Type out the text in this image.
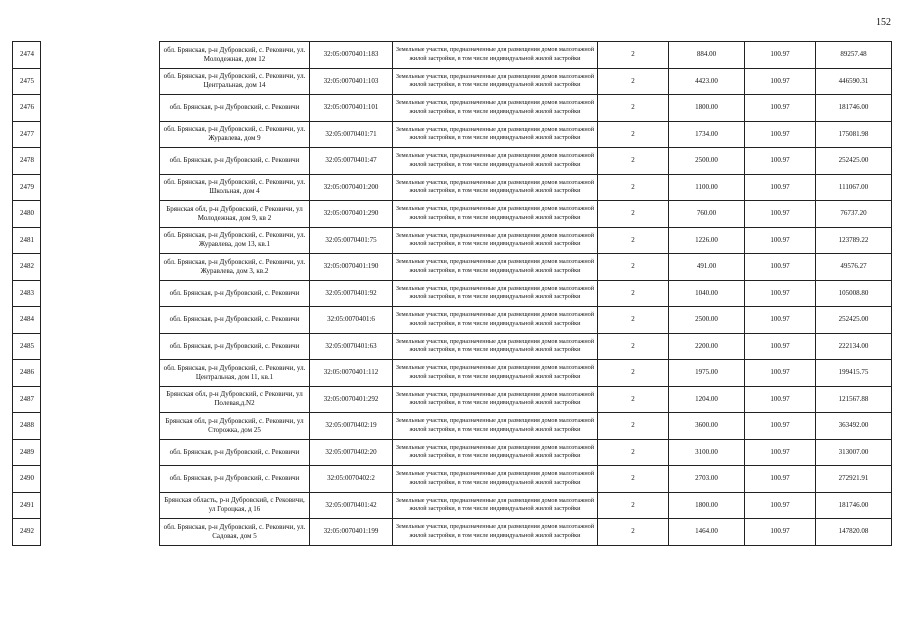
152
2474		обл. Брянская, р-н Дубровский, с. Рековичи, ул. Молодежная, дом 12	32:05:0070401:183	Земельные участки, предназначенные для размещения домов малоэтажной жилой застройки, в том числе индивидуальной жилой застройки	2	884.00	100.97	89257.48
2475		обл. Брянская, р-н Дубровский, с. Рековичи, ул. Центральная, дом 14	32:05:0070401:103	Земельные участки, предназначенные для размещения домов малоэтажной жилой застройки, в том числе индивидуальной жилой застройки	2	4423.00	100.97	446590.31
2476		обл. Брянская, р-н Дубровский, с. Рековичи	32:05:0070401:101	Земельные участки, предназначенные для размещения домов малоэтажной жилой застройки, в том числе индивидуальной жилой застройки	2	1800.00	100.97	181746.00
2477		обл. Брянская, р-н Дубровский, с. Рековичи, ул. Журавлева, дом 9	32:05:0070401:71	Земельные участки, предназначенные для размещения домов малоэтажной жилой застройки, в том числе индивидуальной жилой застройки	2	1734.00	100.97	175081.98
2478		обл. Брянская, р-н Дубровский, с. Рековичи	32:05:0070401:47	Земельные участки, предназначенные для размещения домов малоэтажной жилой застройки, в том числе индивидуальной жилой застройки	2	2500.00	100.97	252425.00
2479		обл. Брянская, р-н Дубровский, с. Рековичи, ул. Школьная, дом 4	32:05:0070401:200	Земельные участки, предназначенные для размещения домов малоэтажной жилой застройки, в том числе индивидуальной жилой застройки	2	1100.00	100.97	111067.00
2480		Брянская обл, р-н Дубровский, с Рековичи, ул Молодежная, дом 9, кв 2	32:05:0070401:290	Земельные участки, предназначенные для размещения домов малоэтажной жилой застройки, в том числе индивидуальной жилой застройки	2	760.00	100.97	76737.20
2481		обл. Брянская, р-н Дубровский, с. Рековичи, ул. Журавлева, дом 13, кв.1	32:05:0070401:75	Земельные участки, предназначенные для размещения домов малоэтажной жилой застройки, в том числе индивидуальной жилой застройки	2	1226.00	100.97	123789.22
2482		обл. Брянская, р-н Дубровский, с. Рековичи, ул. Журавлева, дом 3, кв.2	32:05:0070401:190	Земельные участки, предназначенные для размещения домов малоэтажной жилой застройки, в том числе индивидуальной жилой застройки	2	491.00	100.97	49576.27
2483		обл. Брянская, р-н Дубровский, с. Рековичи	32:05:0070401:92	Земельные участки, предназначенные для размещения домов малоэтажной жилой застройки, в том числе индивидуальной жилой застройки	2	1040.00	100.97	105008.80
2484		обл. Брянская, р-н Дубровский, с. Рековичи	32:05:0070401:6	Земельные участки, предназначенные для размещения домов малоэтажной жилой застройки, в том числе индивидуальной жилой застройки	2	2500.00	100.97	252425.00
2485		обл. Брянская, р-н Дубровский, с. Рековичи	32:05:0070401:63	Земельные участки, предназначенные для размещения домов малоэтажной жилой застройки, в том числе индивидуальной жилой застройки	2	2200.00	100.97	222134.00
2486		обл. Брянская, р-н Дубровский, с. Рековичи, ул. Центральная, дом 11, кв.1	32:05:0070401:112	Земельные участки, предназначенные для размещения домов малоэтажной жилой застройки, в том числе индивидуальной жилой застройки	2	1975.00	100.97	199415.75
2487		Брянская обл, р-н Дубровский, с Рековичи, ул Полевая,д.N2	32:05:0070401:292	Земельные участки, предназначенные для размещения домов малоэтажной жилой застройки, в том числе индивидуальной жилой застройки	2	1204.00	100.97	121567.88
2488		Брянская обл, р-н Дубровский, с. Рековичи, ул Сторожка, дом 25	32:05:0070402:19	Земельные участки, предназначенные для размещения домов малоэтажной жилой застройки, в том числе индивидуальной жилой застройки	2	3600.00	100.97	363492.00
2489		обл. Брянская, р-н Дубровский, с. Рековичи	32:05:0070402:20	Земельные участки, предназначенные для размещения домов малоэтажной жилой застройки, в том числе индивидуальной жилой застройки	2	3100.00	100.97	313007.00
2490		обл. Брянская, р-н Дубровский, с. Рековичи	32:05:0070402:2	Земельные участки, предназначенные для размещения домов малоэтажной жилой застройки, в том числе индивидуальной жилой застройки	2	2703.00	100.97	272921.91
2491		Брянская область, р-н Дубровский, с Рековичи, ул Гороцкая, д 16	32:05:0070401:42	Земельные участки, предназначенные для размещения домов малоэтажной жилой застройки, в том числе индивидуальной жилой застройки	2	1800.00	100.97	181746.00
2492		обл. Брянская, р-н Дубровский, с. Рековичи, ул. Садовая, дом 5	32:05:0070401:199	Земельные участки, предназначенные для размещения домов малоэтажной жилой застройки, в том числе индивидуальной жилой застройки	2	1464.00	100.97	147820.08
